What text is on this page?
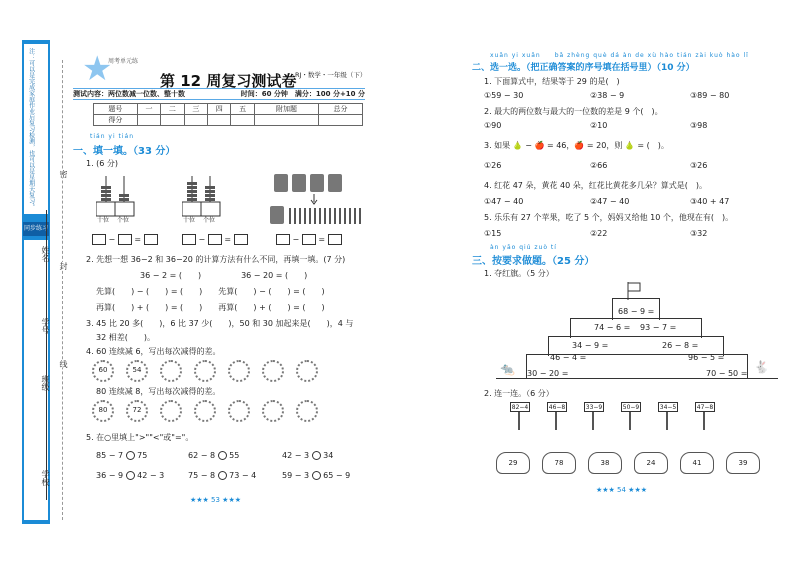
注：可以是完成家庭作业后复习检测，也可以是星期天复习。
同步练习
学校
班级
学号
姓名
密
封
线
★
周考单元练
第 12 周复习测试卷
RJ・数学・一年级（下）
测试内容：两位数减一位数、整十数	时间：60 分钟　满分：100 分+10 分
题号	一	二	三	四	五	附加题	总分
得分							
tián yi tián
一、填一填。（33 分）
1. (6 分)
十位 个位
−  =
十位 个位
−  =	−  =
2. 先想一想 36−2 和 36−20 的计算方法有什么不同，再填一填。(7 分)
36 − 2 = (　　)　　　　　36 − 20 = (　　)
先算(　　) − (　　) = (　　)　　先算(　　) − (　　) = (　　)
再算(　　) + (　　) = (　　)　　再算(　　) + (　　) = (　　)
3. 45 比 20 多(　　)，6 比 37 少(　　)，50 和 30 加起来是(　　)，4 与
32 相差(　　)。
4. 60 连续减 6，写出每次减得的差。
60	54
80 连续减 8，写出每次减得的差。
80	72
5. 在○里填上">""<"或"="。
85 − 7 75	62 − 8 55	42 − 3 34
36 − 9 42 − 3	75 − 8 73 − 4	59 − 3 65 − 9
★★★ 53 ★★★
xuǎn yi xuǎn　　bǎ zhèng què dá àn de xù hào tián zài kuò hào lǐ
二、选一选。（把正确答案的序号填在括号里）（10 分）
1. 下面算式中，结果等于 29 的是(　)
①59 − 30	②38 − 9	③89 − 80
2. 最大的两位数与最大的一位数的差是 9 个(　)。
①90	②10	③98
3. 如果 🍐 − 🍎 = 46，🍎 = 20，则 🍐 = (　)。
①26	②66	③26
4. 红花 47 朵，黄花 40 朵，红花比黄花多几朵？算式是(　)。
①47 − 40	②47 − 40	③40 + 47
5. 乐乐有 27 个苹果，吃了 5 个，妈妈又给他 10 个，他现在有(　)。
①15	②22	③32
àn yāo qiú zuò tí
三、按要求做题。（25 分）
1. 夺红旗。（5 分）
68 − 9 =
74 − 6 = 93 − 7 =
34 − 9 =	26 − 8 =
46 − 4 =	96 − 5 =
30 − 20 =	70 − 50 =
🐀	🐇
2. 连一连。（6 分）
82−4	46−8	33−9	50−9	34−5	47−8
29	78	38	24	41	39
★★★ 54 ★★★
